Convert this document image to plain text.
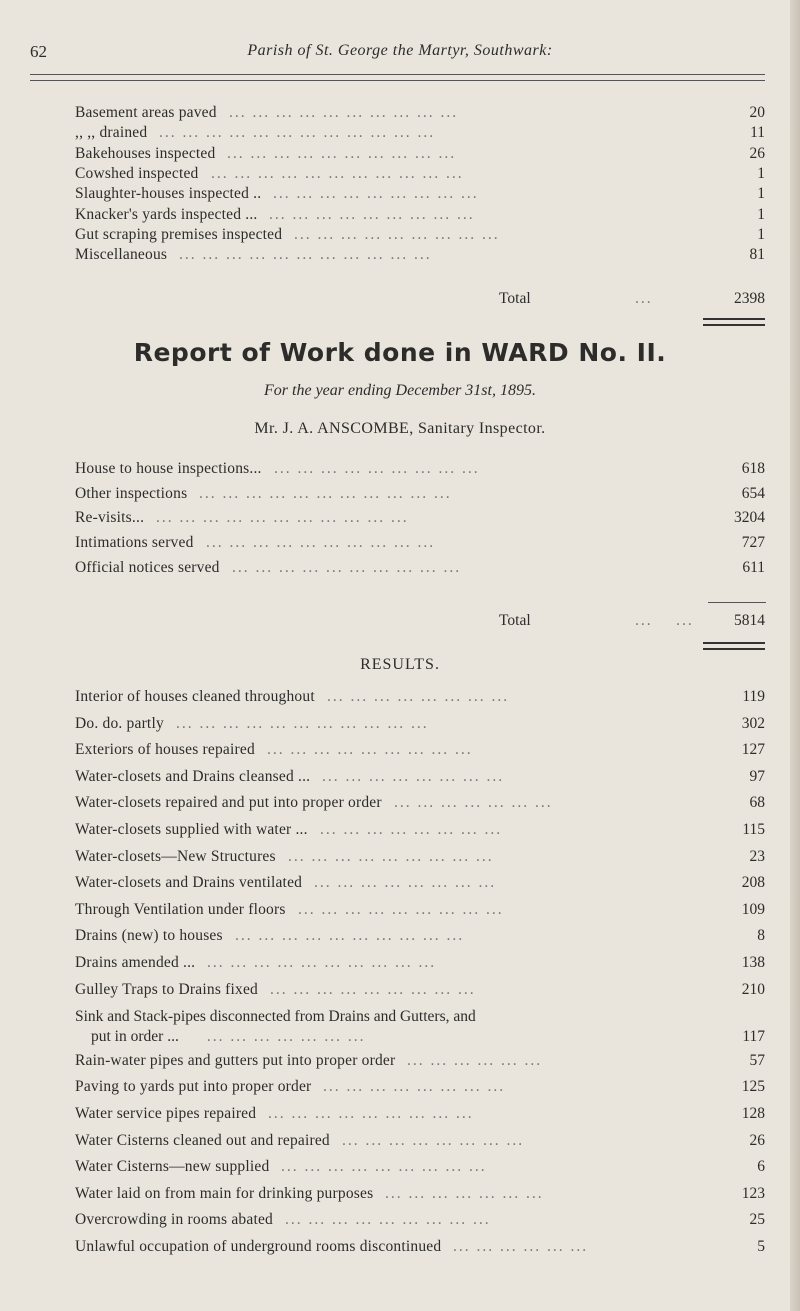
62	Parish of St. George the Martyr, Southwark:
Basement areas paved	20
... ... ... ... ... ... ... ... ... ...
,, ,, drained	11
... ... ... ... ... ... ... ... ... ... ... ...
Bakehouses inspected	26
... ... ... ... ... ... ... ... ... ...
Cowshed inspected	1
... ... ... ... ... ... ... ... ... ... ...
Slaughter-houses inspected ..	1
... ... ... ... ... ... ... ... ...
Knacker's yards inspected ...	1
... ... ... ... ... ... ... ... ...
Gut scraping premises inspected	1
... ... ... ... ... ... ... ... ...
Miscellaneous	81
... ... ... ... ... ... ... ... ... ... ...
Total	...	2398
Report of Work done in WARD No. II.
For the year ending December 31st, 1895.
Mr. J. A. ANSCOMBE, Sanitary Inspector.
House to house inspections...	618
... ... ... ... ... ... ... ... ...
Other inspections	654
... ... ... ... ... ... ... ... ... ... ...
Re-visits...	3204
... ... ... ... ... ... ... ... ... ... ...
Intimations served	727
... ... ... ... ... ... ... ... ... ...
Official notices served	611
... ... ... ... ... ... ... ... ... ...
Total	...    ...	5814
RESULTS.
Interior of houses cleaned throughout	119
... ... ... ... ... ... ... ...
Do. do. partly	302
... ... ... ... ... ... ... ... ... ... ...
Exteriors of houses repaired	127
... ... ... ... ... ... ... ... ...
Water-closets and Drains cleansed ...	97
... ... ... ... ... ... ... ...
Water-closets repaired and put into proper order	68
... ... ... ... ... ... ...
Water-closets supplied with water ...	115
... ... ... ... ... ... ... ...
Water-closets—New Structures	23
... ... ... ... ... ... ... ... ...
Water-closets and Drains ventilated	208
... ... ... ... ... ... ... ...
Through Ventilation under floors	109
... ... ... ... ... ... ... ... ...
Drains (new) to houses	8
... ... ... ... ... ... ... ... ... ...
Drains amended ...	138
... ... ... ... ... ... ... ... ... ...
Gulley Traps to Drains fixed	210
... ... ... ... ... ... ... ... ...
Sink and Stack-pipes disconnected from Drains and Gutters, and
put in order ... ... ... ... ... ... ... ...	117
Rain-water pipes and gutters put into proper order	57
... ... ... ... ... ...
Paving to yards put into proper order	125
... ... ... ... ... ... ... ...
Water service pipes repaired	128
... ... ... ... ... ... ... ... ...
Water Cisterns cleaned out and repaired	26
... ... ... ... ... ... ... ...
Water Cisterns—new supplied	6
... ... ... ... ... ... ... ... ...
Water laid on from main for drinking purposes	123
... ... ... ... ... ... ...
Overcrowding in rooms abated	25
... ... ... ... ... ... ... ... ...
Unlawful occupation of underground rooms discontinued	5
... ... ... ... ... ...
